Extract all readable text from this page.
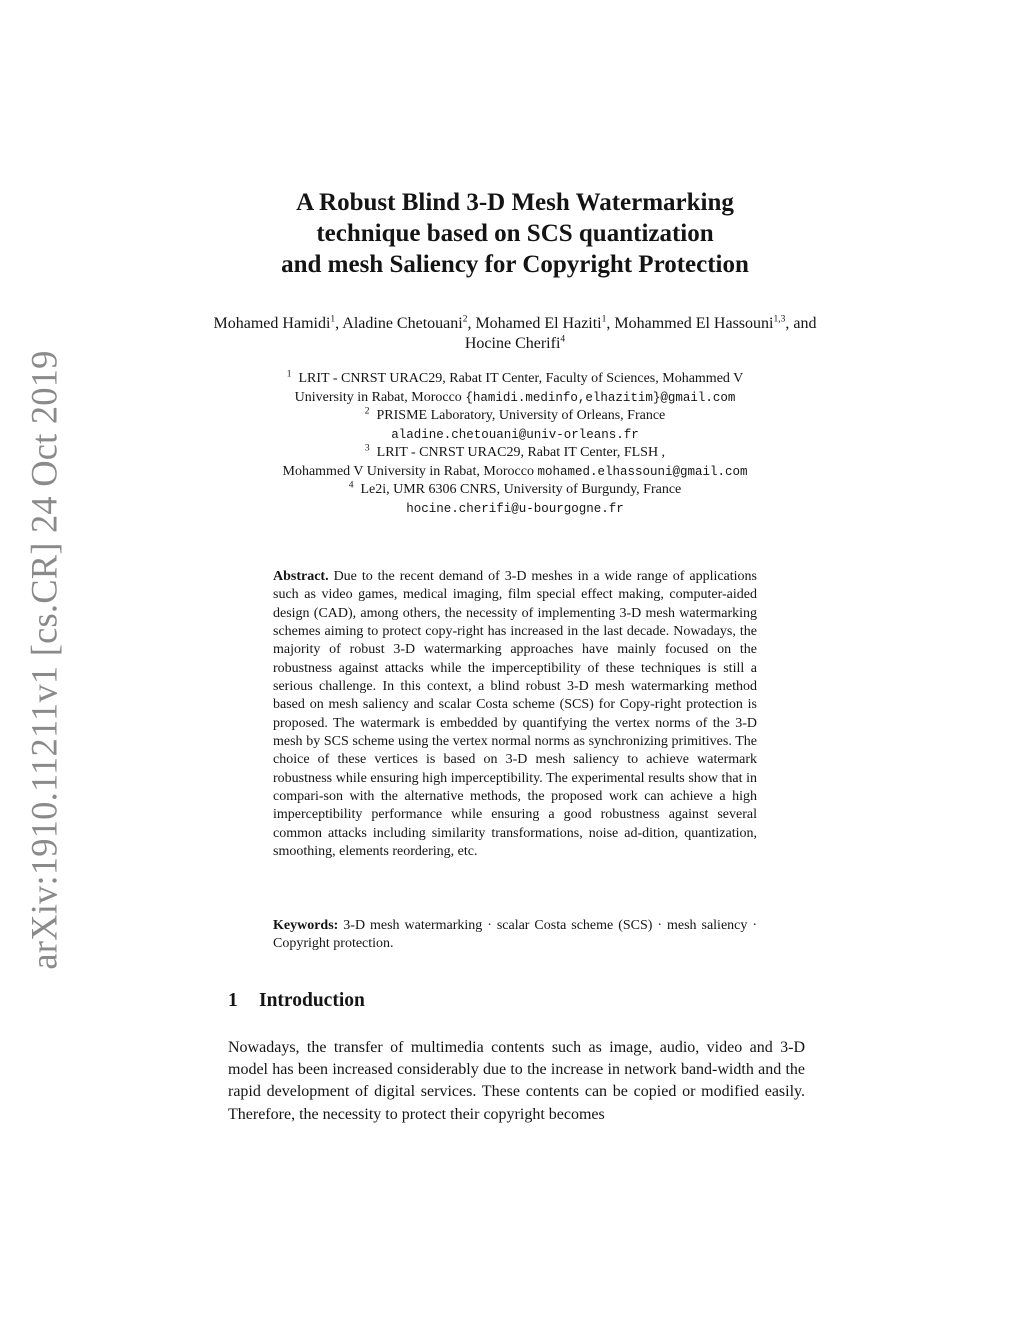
arXiv:1910.11211v1 [cs.CR] 24 Oct 2019
A Robust Blind 3-D Mesh Watermarking
technique based on SCS quantization
and mesh Saliency for Copyright Protection
Mohamed Hamidi$^1$, Aladine Chetouani$^2$, Mohamed El Haziti$^1$, Mohammed El Hassouni$^{1,3}$, and Hocine Cherifi$^4$
$^1$ LRIT - CNRST URAC29, Rabat IT Center, Faculty of Sciences, Mohammed V
University in Rabat, Morocco {hamidi.medinfo,elhazitim}@gmail.com
$^2$ PRISME Laboratory, University of Orleans, France
aladine.chetouani@univ-orleans.fr
$^3$ LRIT - CNRST URAC29, Rabat IT Center, FLSH ,
Mohammed V University in Rabat, Morocco mohamed.elhassouni@gmail.com
$^4$ Le2i, UMR 6306 CNRS, University of Burgundy, France
hocine.cherifi@u-bourgogne.fr
Abstract. Due to the recent demand of 3-D meshes in a wide range of applications such as video games, medical imaging, film special effect making, computer-aided design (CAD), among others, the necessity of implementing 3-D mesh watermarking schemes aiming to protect copy-right has increased in the last decade. Nowadays, the majority of robust 3-D watermarking approaches have mainly focused on the robustness against attacks while the imperceptibility of these techniques is still a serious challenge. In this context, a blind robust 3-D mesh watermarking method based on mesh saliency and scalar Costa scheme (SCS) for Copy-right protection is proposed. The watermark is embedded by quantifying the vertex norms of the 3-D mesh by SCS scheme using the vertex normal norms as synchronizing primitives. The choice of these vertices is based on 3-D mesh saliency to achieve watermark robustness while ensuring high imperceptibility. The experimental results show that in compari-son with the alternative methods, the proposed work can achieve a high imperceptibility performance while ensuring a good robustness against several common attacks including similarity transformations, noise ad-dition, quantization, smoothing, elements reordering, etc.
Keywords: 3-D mesh watermarking · scalar Costa scheme (SCS) · mesh saliency · Copyright protection.
1 Introduction
Nowadays, the transfer of multimedia contents such as image, audio, video and 3-D model has been increased considerably due to the increase in network band-width and the rapid development of digital services. These contents can be copied or modified easily. Therefore, the necessity to protect their copyright becomes
